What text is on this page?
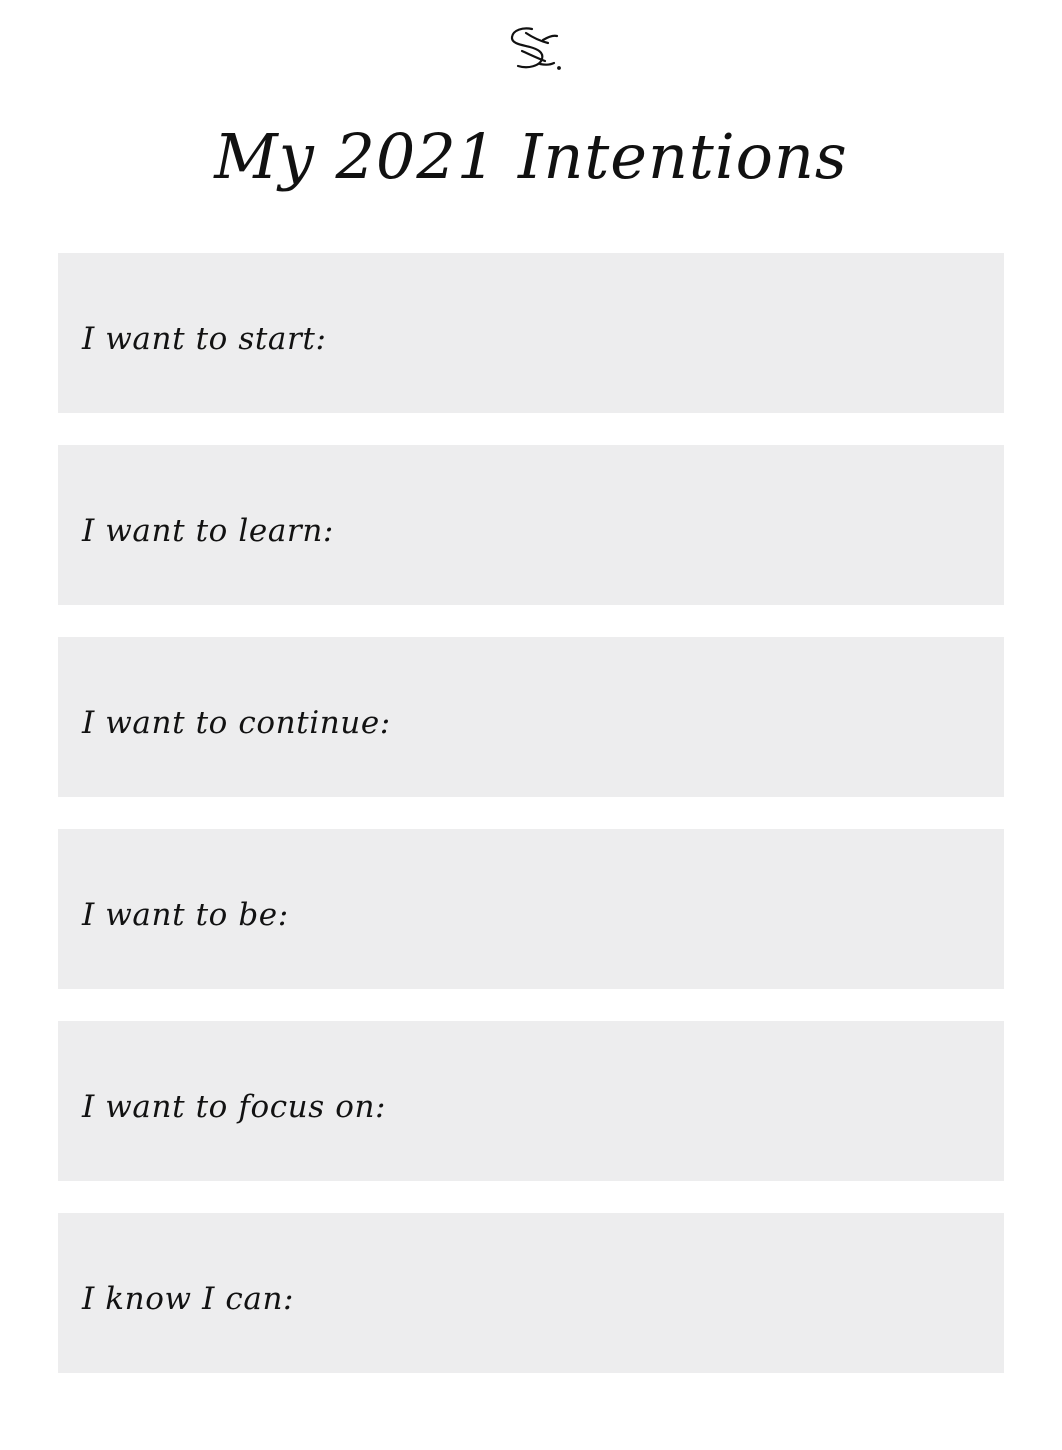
My 2021 Intentions
I want to start:
I want to learn:
I want to continue:
I want to be:
I want to focus on:
I know I can:
